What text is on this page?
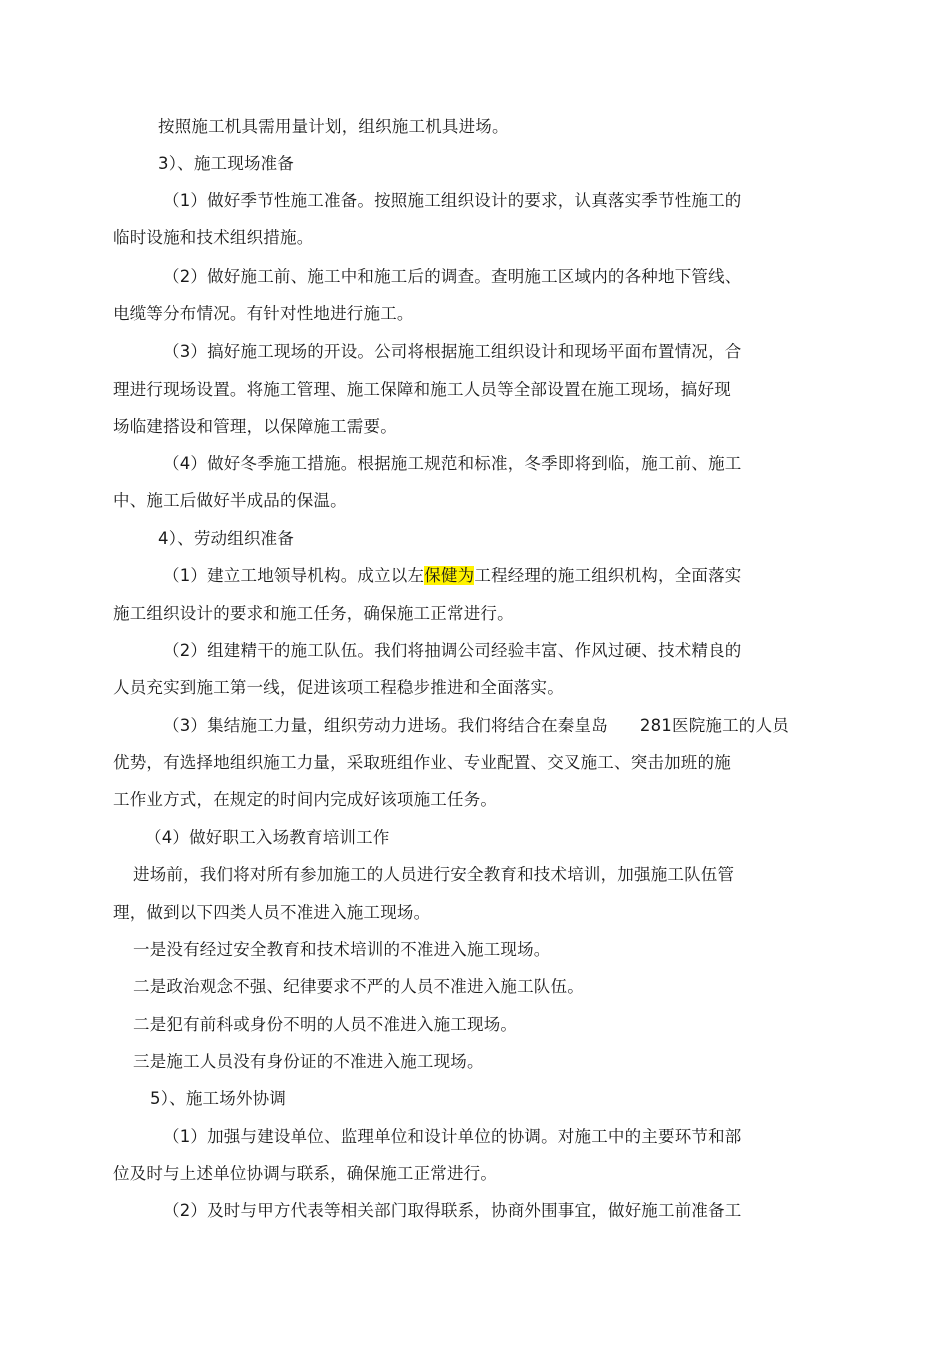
按照施工机具需用量计划，组织施工机具进场。
3）、施工现场准备
（1）做好季节性施工准备。按照施工组织设计的要求，认真落实季节性施工的
临时设施和技术组织措施。
（2）做好施工前、施工中和施工后的调查。查明施工区域内的各种地下管线、
电缆等分布情况。有针对性地进行施工。
（3）搞好施工现场的开设。公司将根据施工组织设计和现场平面布置情况，合
理进行现场设置。将施工管理、施工保障和施工人员等全部设置在施工现场，搞好现
场临建搭设和管理，以保障施工需要。
（4）做好冬季施工措施。根据施工规范和标准，冬季即将到临，施工前、施工
中、施工后做好半成品的保温。
4）、劳动组织准备
（1）建立工地领导机构。成立以左保健为工程经理的施工组织机构，全面落实
施工组织设计的要求和施工任务，确保施工正常进行。
（2）组建精干的施工队伍。我们将抽调公司经验丰富、作风过硬、技术精良的
人员充实到施工第一线，促进该项工程稳步推进和全面落实。
（3）集结施工力量，组织劳动力进场。我们将结合在秦皇岛 281医院施工的人员
优势，有选择地组织施工力量，采取班组作业、专业配置、交叉施工、突击加班的施
工作业方式，在规定的时间内完成好该项施工任务。
（4）做好职工入场教育培训工作
进场前，我们将对所有参加施工的人员进行安全教育和技术培训，加强施工队伍管
理，做到以下四类人员不准进入施工现场。
一是没有经过安全教育和技术培训的不准进入施工现场。
二是政治观念不强、纪律要求不严的人员不准进入施工队伍。
二是犯有前科或身份不明的人员不准进入施工现场。
三是施工人员没有身份证的不准进入施工现场。
5）、施工场外协调
（1）加强与建设单位、监理单位和设计单位的协调。对施工中的主要环节和部
位及时与上述单位协调与联系，确保施工正常进行。
（2）及时与甲方代表等相关部门取得联系，协商外围事宜，做好施工前准备工
